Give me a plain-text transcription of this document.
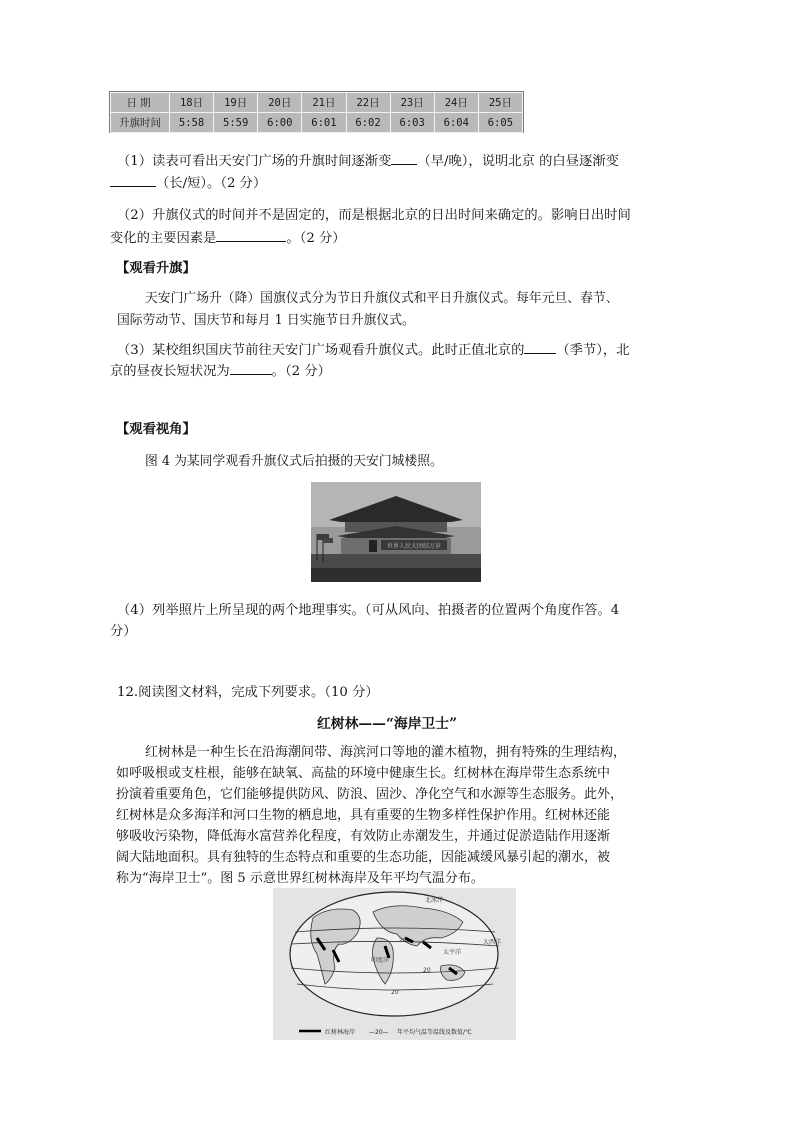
日期	18日	19日	20日	21日	22日	23日	24日	25日
升旗时间	5:58	5:59	6:00	6:01	6:02	6:03	6:04	6:05
（1）读表可看出天安门广场的升旗时间逐渐变 （早/晚），说明北京 的白昼逐渐变
（长/短）。（2 分）
（2）升旗仪式的时间并不是固定的，而是根据北京的日出时间来确定的。影响日出时间
变化的主要因素是	。（2 分）
【观看升旗】
天安门广场升（降）国旗仪式分为节日升旗仪式和平日升旗仪式。每年元旦、春节、
国际劳动节、国庆节和每月 1 日实施节日升旗仪式。
（3）某校组织国庆节前往天安门广场观看升旗仪式。此时正值北京的 （季节），北
京的昼夜长短状况为	。（2 分）
【观看视角】
图 4 为某同学观看升旗仪式后拍摄的天安门城楼照。
世界人民大团结万岁
（4）列举照片上所呈现的两个地理事实。（可从风向、拍摄者的位置两个角度作答。4
分）
12.阅读图文材料，完成下列要求。（10 分）
红树林——“海岸卫士”
红树林是一种生长在沿海潮间带、海滨河口等地的灌木植物，拥有特殊的生理结构，
如呼吸根或支柱根，能够在缺氧、高盐的环境中健康生长。红树林在海岸带生态系统中
扮演着重要角色，它们能够提供防风、防浪、固沙、净化空气和水源等生态服务。此外，
红树林是众多海洋和河口生物的栖息地，具有重要的生物多样性保护作用。红树林还能
够吸收污染物，降低海水富营养化程度，有效防止赤潮发生，并通过促淤造陆作用逐渐
阔大陆地面积。具有独特的生态特点和重要的生态功能，因能减缓风暴引起的潮水，被
称为“海岸卫士”。图 5 示意世界红树林海岸及年平均气温分布。
北冰洋
太平洋
印度洋
大西洋
20
20
20
红树林海岸 —20— 年平均气温等温线及数值/℃
